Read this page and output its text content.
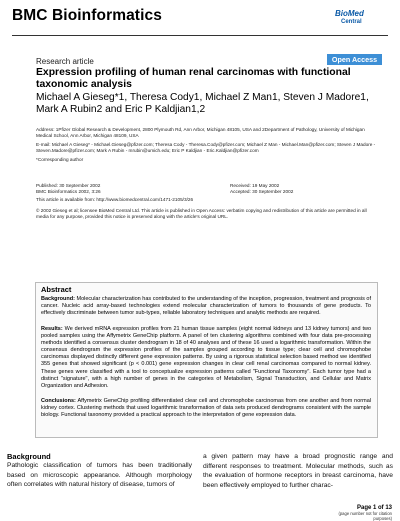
BMC Bioinformatics	BioMed
Central
Research article	Open Access
Expression profiling of human renal carcinomas with functional taxonomic analysis
Michael A Gieseg*1, Theresa Cody1, Michael Z Man1, Steven J Madore1, Mark A Rubin2 and Eric P Kaldjian1,2
Address: 1Pfizer Global Research & Development, 2800 Plymouth Rd, Ann Arbor, Michigan 48105, USA and 2Department of Pathology, University of Michigan Medical School, Ann Arbor, Michigan 48109, USA
E-mail: Michael A Gieseg* - Michael.Gieseg@pfizer.com; Theresa Cody - Theresa.Cody@pfizer.com; Michael Z Man - Michael.Man@pfizer.com; Steven J Madore - Steven.Madore@pfizer.com; Mark A Rubin - mrubin@umich.edu; Eric P Kaldjian - Eric.Kaldjian@pfizer.com
*Corresponding author
Published: 30 September 2002
BMC Bioinformatics 2002, 3:26
Received: 19 May 2002
Accepted: 30 September 2002
This article is available from: http://www.biomedcentral.com/1471-2105/3/26
© 2002 Gieseg et al; licensee BioMed Central Ltd. This article is published in Open Access: verbatim copying and redistribution of this article are permitted in all media for any purpose, provided this notice is preserved along with the article's original URL.
Abstract
Background: Molecular characterization has contributed to the understanding of the inception, progression, treatment and prognosis of cancer. Nucleic acid array-based technologies extend molecular characterization of tumors to thousands of gene products. To effectively discriminate between tumor sub-types, reliable laboratory techniques and analytic methods are required.
Results: We derived mRNA expression profiles from 21 human tissue samples (eight normal kidneys and 13 kidney tumors) and two pooled samples using the Affymetrix GeneChip platform. A panel of ten clustering algorithms combined with four data pre-processing methods identified a consensus cluster dendrogram in 18 of 40 analyses and of these 16 used a logarithmic transformation. Within the consensus dendrogram the expression profiles of the samples grouped according to tissue type; clear cell and chromophobe carcinomas displayed distinctly different gene expression patterns. By using a rigorous statistical selection based method we identified 355 genes that showed significant (p < 0.001) gene expression changes in clear cell renal carcinomas compared to normal kidney. These genes were classified with a tool to conceptualize expression patterns called "Functional Taxonomy". Each tumor type had a distinct "signature", with a high number of genes in the categories of Metabolism, Signal Transduction, and Cellular and Matrix Organization and Adhesion.
Conclusions: Affymetrix GeneChip profiling differentiated clear cell and chromophobe carcinomas from one another and from normal kidney cortex. Clustering methods that used logarithmic transformation of data sets produced dendrograms consistent with the sample biology. Functional taxonomy provided a practical approach to the interpretation of gene expression data.
Background
Pathologic classification of tumors has been traditionally based on microscopic appearance. Although morphology often correlates with natural history of disease, tumors of
a given pattern may have a broad prognostic range and different responses to treatment. Molecular methods, such as the evaluation of hormone receptors in breast carcinoma, have been effectively employed to further charac-
Page 1 of 13
(page number not for citation purposes)
